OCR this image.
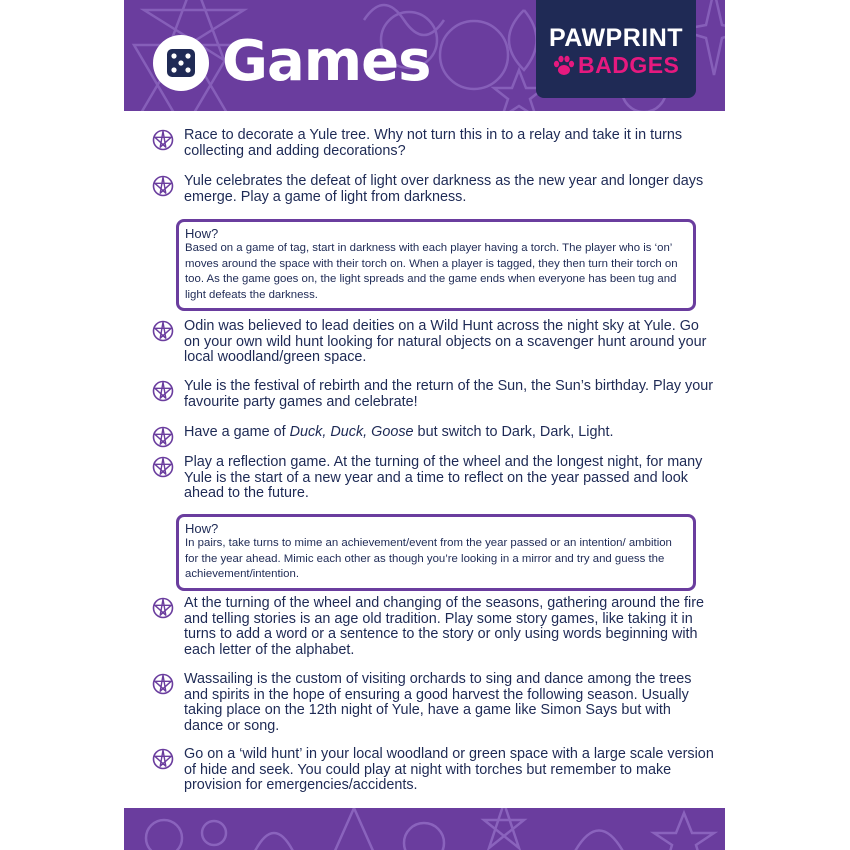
Games	PAWPRINT
BADGES
Race to decorate a Yule tree. Why not turn this in to a relay and take it in turns collecting and adding decorations?
Yule celebrates the defeat of light over darkness as the new year and longer days emerge. Play a game of light from darkness.
How?
Based on a game of tag, start in darkness with each player having a torch. The player who is ‘on’ moves around the space with their torch on. When a player is tagged, they then turn their torch on too. As the game goes on, the light spreads and the game ends when everyone has been tug and light defeats the darkness.
Odin was believed to lead deities on a Wild Hunt across the night sky at Yule. Go on your own wild hunt looking for natural objects on a scavenger hunt around your local woodland/green space.
Yule is the festival of rebirth and the return of the Sun, the Sun’s birthday. Play your favourite party games and celebrate!
Have a game of Duck, Duck, Goose but switch to Dark, Dark, Light.
Play a reflection game. At the turning of the wheel and the longest night, for many Yule is the start of a new year and a time to reflect on the year passed and look ahead to the future.
How?
In pairs, take turns to mime an achievement/event from the year passed or an intention/ ambition for the year ahead. Mimic each other as though you’re looking in a mirror and try and guess the achievement/intention.
At the turning of the wheel and changing of the seasons, gathering around the fire and telling stories is an age old tradition. Play some story games, like taking it in turns to add a word or a sentence to the story or only using words beginning with each letter of the alphabet.
Wassailing is the custom of visiting orchards to sing and dance among the trees and spirits in the hope of ensuring a good harvest the following season. Usually taking place on the 12th night of Yule, have a game like Simon Says but with dance or song.
Go on a ‘wild hunt’ in your local woodland or green space with a large scale version of hide and seek. You could play at night with torches but remember to make provision for emergencies/accidents.
